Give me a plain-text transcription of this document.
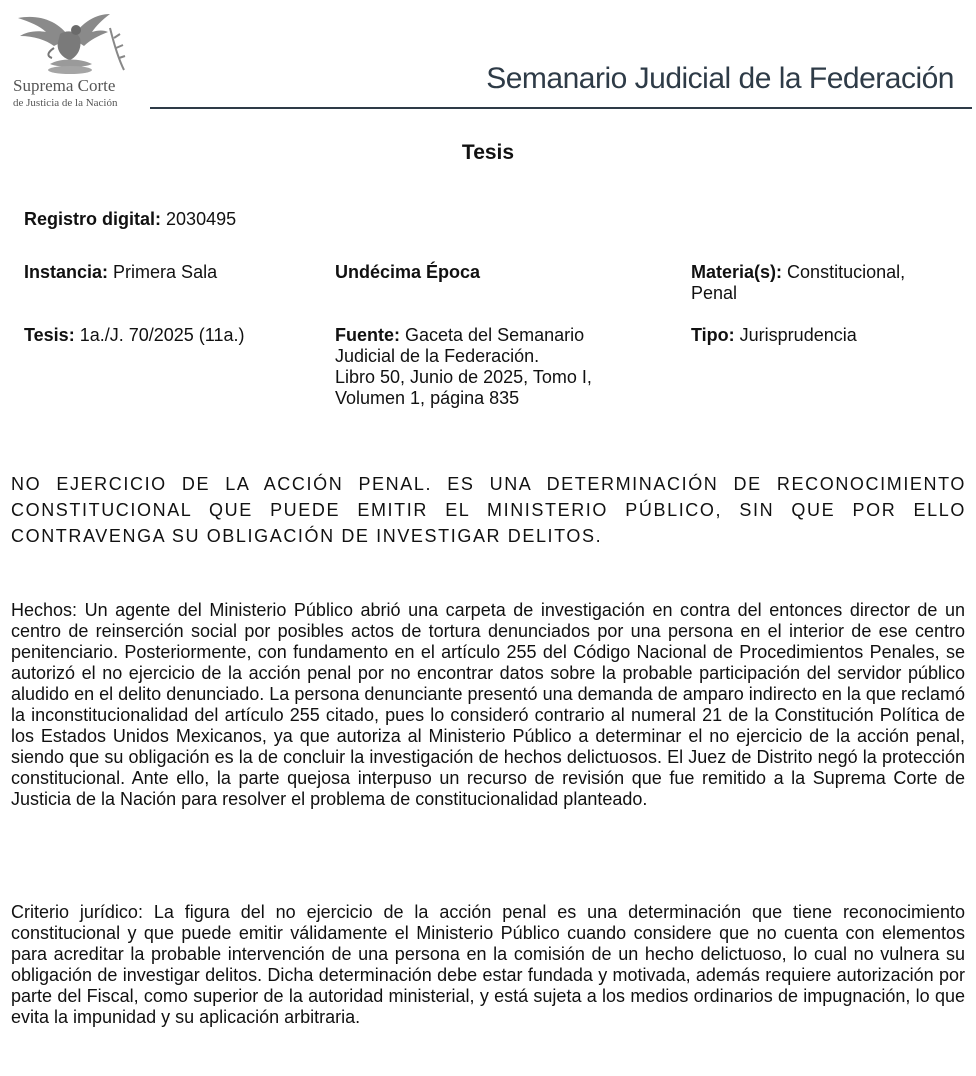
Suprema Corte
de Justicia de la Nación
Semanario Judicial de la Federación
Tesis
Registro digital: 2030495
Instancia: Primera Sala	Undécima Época	Materia(s): Constitucional,
Penal
Tesis: 1a./J. 70/2025 (11a.)	Fuente: Gaceta del Semanario
Judicial de la Federación.
Libro 50, Junio de 2025, Tomo I,
Volumen 1, página 835
Tipo: Jurisprudencia
NO EJERCICIO DE LA ACCIÓN PENAL. ES UNA DETERMINACIÓN DE RECONOCIMIENTO CONSTITUCIONAL QUE PUEDE EMITIR EL MINISTERIO PÚBLICO, SIN QUE POR ELLO CONTRAVENGA SU OBLIGACIÓN DE INVESTIGAR DELITOS.
Hechos: Un agente del Ministerio Público abrió una carpeta de investigación en contra del entonces director de un centro de reinserción social por posibles actos de tortura denunciados por una persona en el interior de ese centro penitenciario. Posteriormente, con fundamento en el artículo 255 del Código Nacional de Procedimientos Penales, se autorizó el no ejercicio de la acción penal por no encontrar datos sobre la probable participación del servidor público aludido en el delito denunciado. La persona denunciante presentó una demanda de amparo indirecto en la que reclamó la inconstitucionalidad del artículo 255 citado, pues lo consideró contrario al numeral 21 de la Constitución Política de los Estados Unidos Mexicanos, ya que autoriza al Ministerio Público a determinar el no ejercicio de la acción penal, siendo que su obligación es la de concluir la investigación de hechos delictuosos. El Juez de Distrito negó la protección constitucional. Ante ello, la parte quejosa interpuso un recurso de revisión que fue remitido a la Suprema Corte de Justicia de la Nación para resolver el problema de constitucionalidad planteado.
Criterio jurídico: La figura del no ejercicio de la acción penal es una determinación que tiene reconocimiento constitucional y que puede emitir válidamente el Ministerio Público cuando considere que no cuenta con elementos para acreditar la probable intervención de una persona en la comisión de un hecho delictuoso, lo cual no vulnera su obligación de investigar delitos. Dicha determinación debe estar fundada y motivada, además requiere autorización por parte del Fiscal, como superior de la autoridad ministerial, y está sujeta a los medios ordinarios de impugnación, lo que evita la impunidad y su aplicación arbitraria.
